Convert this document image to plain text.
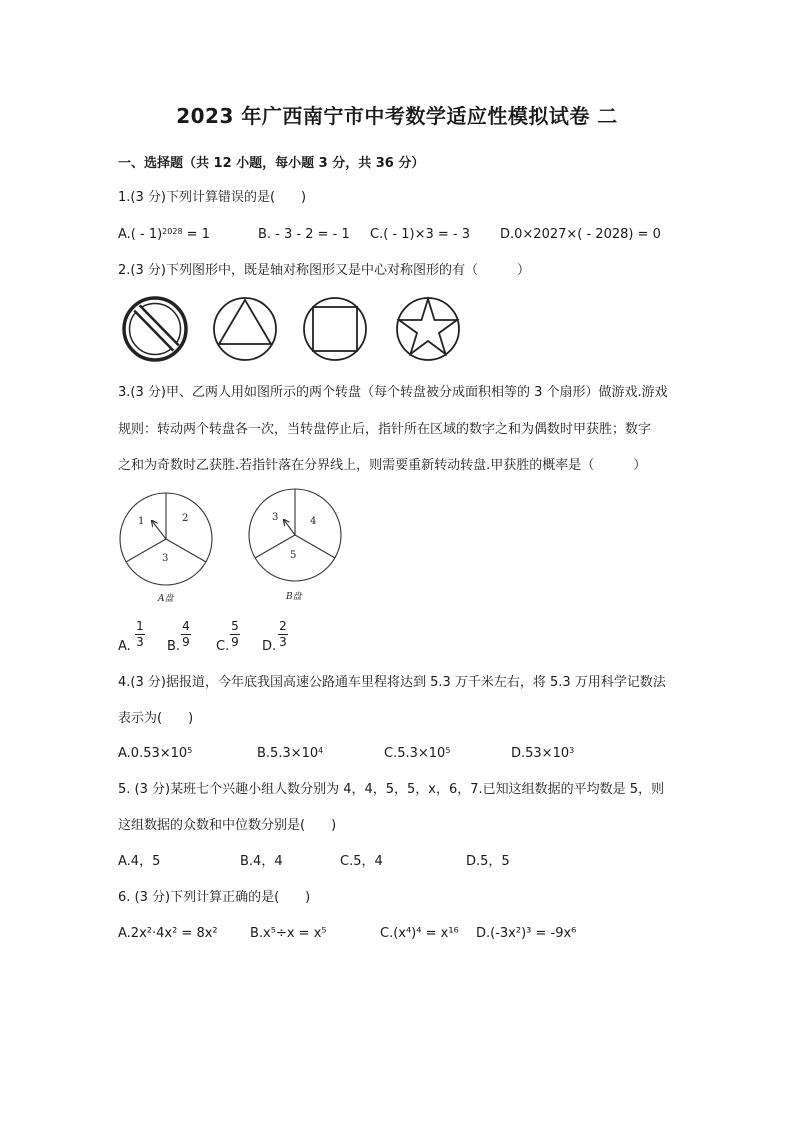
2023 年广西南宁市中考数学适应性模拟试卷 二
一、选择题（共 12 小题，每小题 3 分，共 36 分）
1.(3 分)下列计算错误的是(　　)
A.( - 1)$^{2028}$ = 1	B. - 3 - 2 = - 1 C.( - 1)×3 = - 3 D.0×2027×( - 2028) = 0
2.(3 分)下列图形中，既是轴对称图形又是中心对称图形的有（　　　）
3.(3 分)甲、乙两人用如图所示的两个转盘（每个转盘被分成面积相等的 3 个扇形）做游戏.游戏
规则：转动两个转盘各一次，当转盘停止后，指针所在区域的数字之和为偶数时甲获胜；数字
之和为奇数时乙获胜.若指针落在分界线上，则需要重新转动转盘.甲获胜的概率是（　　　）
1	2
3
A盘
3	4
5
B盘
A. $\frac{1}{3} B$. $\frac{4}{9} C$. $\frac{5}{9} D$. $\frac{2}{3}$
4.(3 分)据报道，今年底我国高速公路通车里程将达到 5.3 万千米左右，将 5.3 万用科学记数法
表示为(　　)
$A.0.53\times 10^5$	$B.5.3\times 10^4$	$C.5.3\times 10^5$	$D.53\times 10^3$
5. (3 分)某班七个兴趣小组人数分别为 4，4，5，5，x，6，7.已知这组数据的平均数是 5，则
这组数据的众数和中位数分别是(　　)
A.4，5	B.4，4	C.5，4	D.5，5
6. (3 分)下列计算正确的是(　　)
A.2x²·4x² = 8x² B.x⁵÷x = x⁵	C.(x⁴)⁴ = x¹⁶ D.(-3x²)³ = -9x⁶
